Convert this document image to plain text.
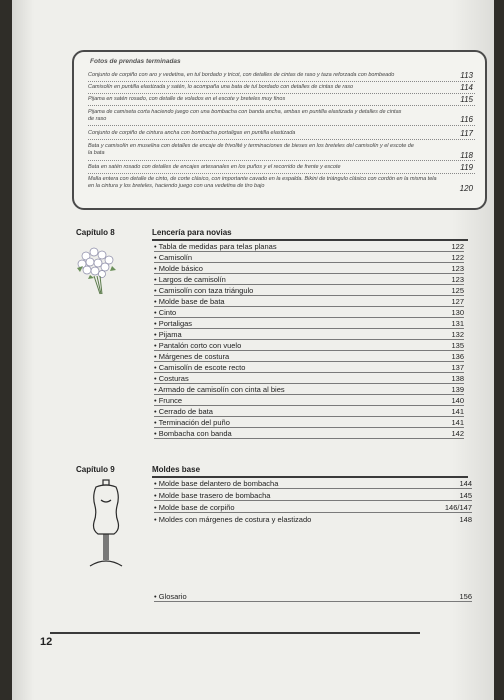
Fotos de prendas terminadas
Conjunto de corpiño con aro y vedetina, en tul bordado y tricot, con detalles de cintas de raso y taza reforzada con bombeado	113
Camisolín en puntilla elastizada y satén, lo acompaña una bata de tul bordado con detalles de cintas de raso	114
Pijama en satén rosado, con detalle de volados en el escote y breteles muy finos	115
Pijama de camiseta corta haciendo juego con una bombacha con banda ancha, ambas en puntilla elastizada y detalles de cintas de raso	116
Conjunto de corpiño de cintura ancha con bombacha portaligas en puntilla elastizada	117
Bata y camisolín en muselina con detalles de encaje de frivolité y terminaciones de bieses en los breteles del camisolín y el escote de la bata	118
Bata en satén rosado con detalles de encajes artesanales en los puños y el recorrido de frente y escote	119
Malla entera con detalle de cinto, de corte clásico, con importante cavado en la espalda. Bikini de triángulo clásico con cordón en la misma tela en la cintura y los breteles, haciendo juego con una vedetina de tiro bajo	120
Capítulo 8	Lencería para novias
• Tabla de medidas para telas planas	122
• Camisolín	122
• Molde básico	123
• Largos de camisolín	123
• Camisolín con taza triángulo	125
• Molde base de bata	127
• Cinto	130
• Portaligas	131
• Pijama	132
• Pantalón corto con vuelo	135
• Márgenes de costura	136
• Camisolín de escote recto	137
• Costuras	138
• Armado de camisolín con cinta al bies	139
• Frunce	140
• Cerrado de bata	141
• Terminación del puño	141
• Bombacha con banda	142
Capítulo 9	Moldes base
• Molde base delantero de bombacha	144
• Molde base trasero de bombacha	145
• Molde base de corpiño	146/147
• Moldes con márgenes de costura y elastizado	148
• Glosario	156
12
